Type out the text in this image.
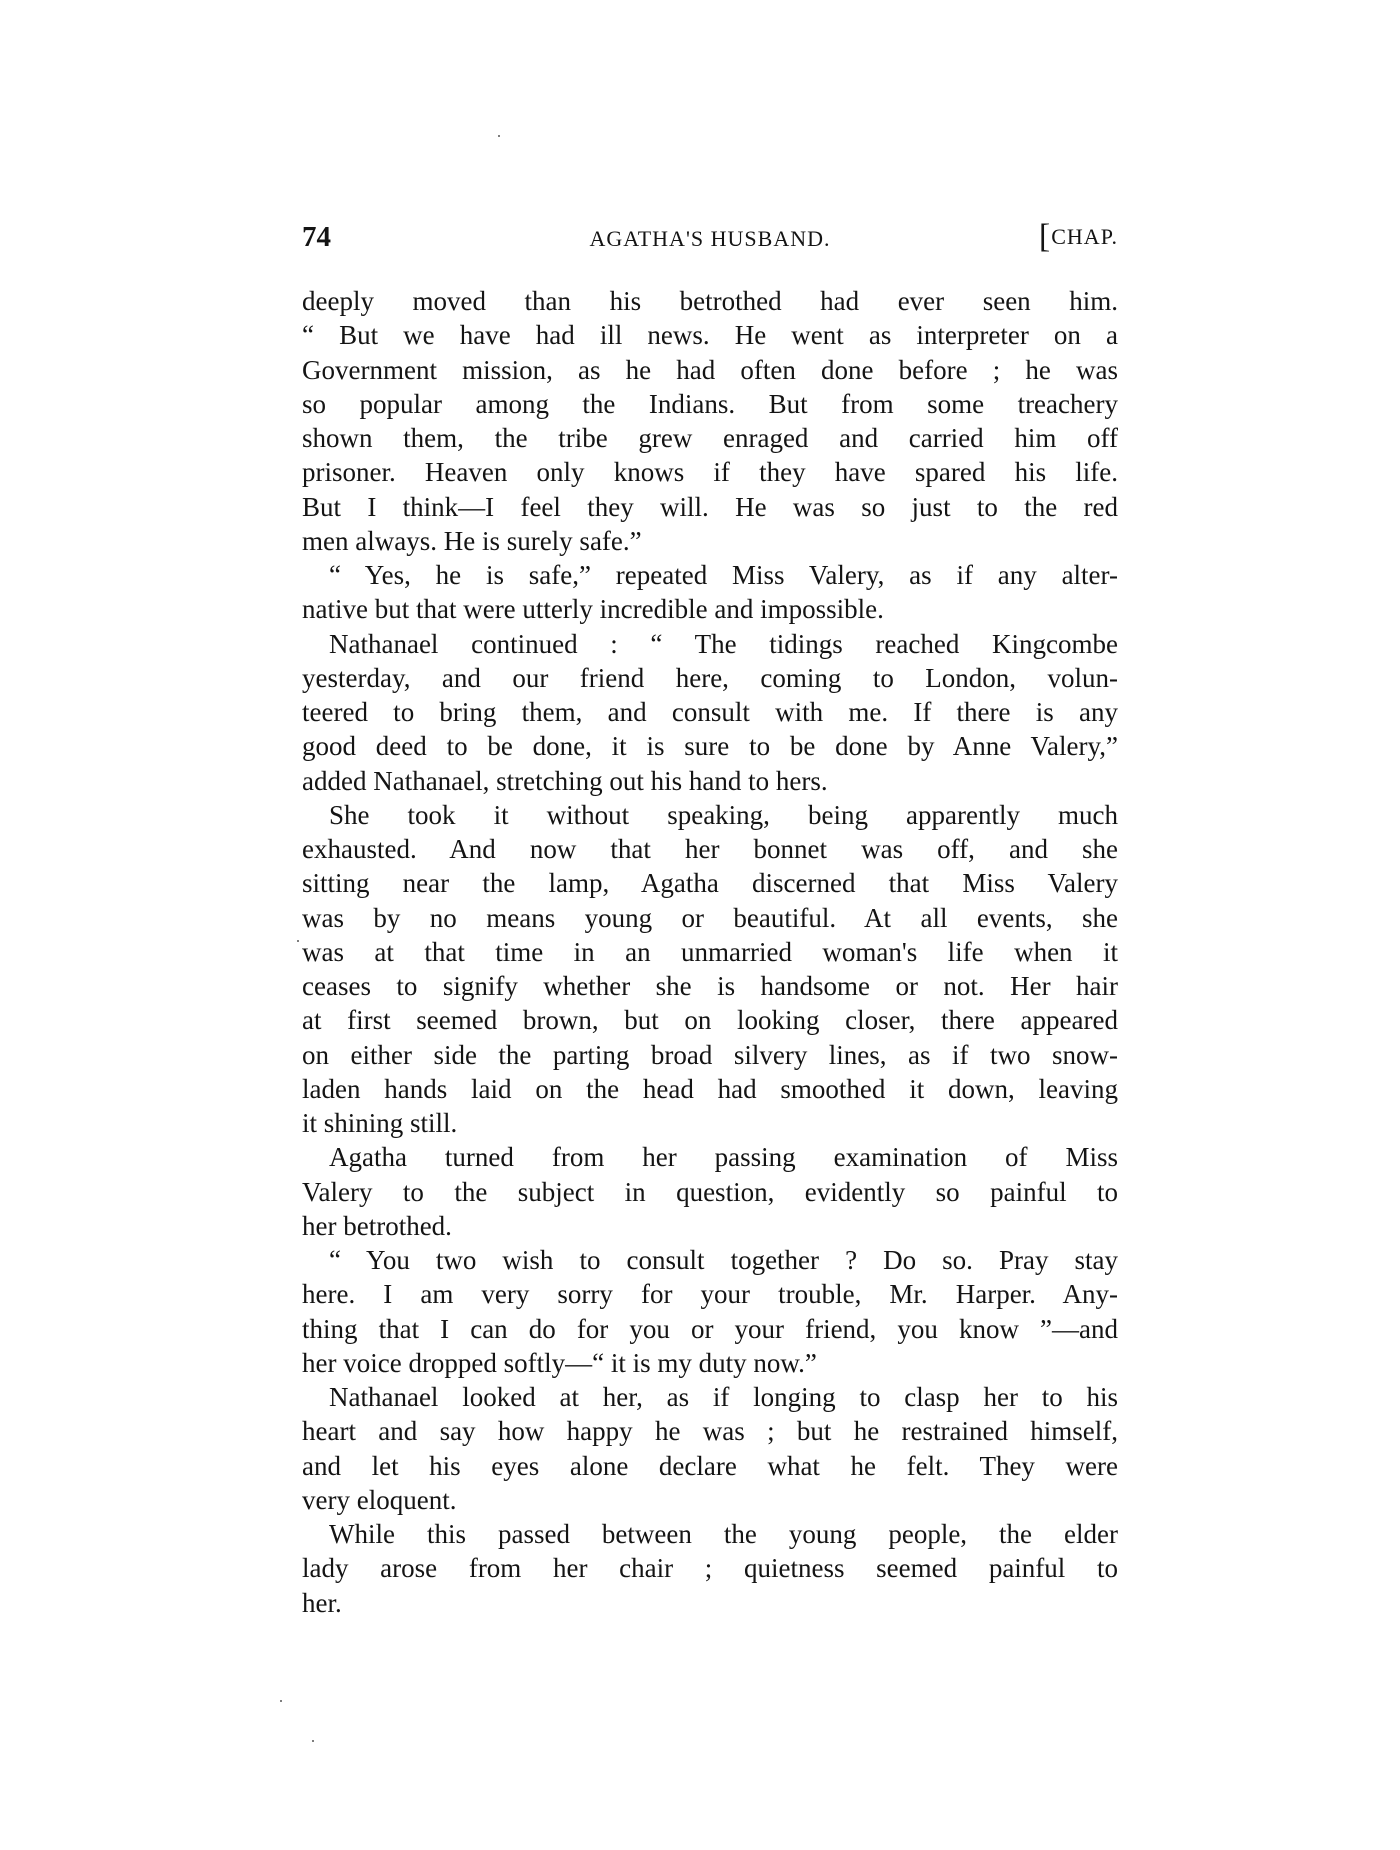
74	AGATHA'S HUSBAND.	[CHAP.
deeply moved than his betrothed had ever seen him.
“ But we have had ill news. He went as interpreter on a
Government mission, as he had often done before ; he was
so popular among the Indians. But from some treachery
shown them, the tribe grew enraged and carried him off
prisoner. Heaven only knows if they have spared his life.
But I think—I feel they will. He was so just to the red
men always. He is surely safe.”
“ Yes, he is safe,” repeated Miss Valery, as if any alter-
native but that were utterly incredible and impossible.
Nathanael continued : “ The tidings reached Kingcombe
yesterday, and our friend here, coming to London, volun-
teered to bring them, and consult with me. If there is any
good deed to be done, it is sure to be done by Anne Valery,”
added Nathanael, stretching out his hand to hers.
She took it without speaking, being apparently much
exhausted. And now that her bonnet was off, and she
sitting near the lamp, Agatha discerned that Miss Valery
was by no means young or beautiful. At all events, she
was at that time in an unmarried woman's life when it
ceases to signify whether she is handsome or not. Her hair
at first seemed brown, but on looking closer, there appeared
on either side the parting broad silvery lines, as if two snow-
laden hands laid on the head had smoothed it down, leaving
it shining still.
Agatha turned from her passing examination of Miss
Valery to the subject in question, evidently so painful to
her betrothed.
“ You two wish to consult together ? Do so. Pray stay
here. I am very sorry for your trouble, Mr. Harper. Any-
thing that I can do for you or your friend, you know ”—and
her voice dropped softly—“ it is my duty now.”
Nathanael looked at her, as if longing to clasp her to his
heart and say how happy he was ; but he restrained himself,
and let his eyes alone declare what he felt. They were
very eloquent.
While this passed between the young people, the elder
lady arose from her chair ; quietness seemed painful to
her.
